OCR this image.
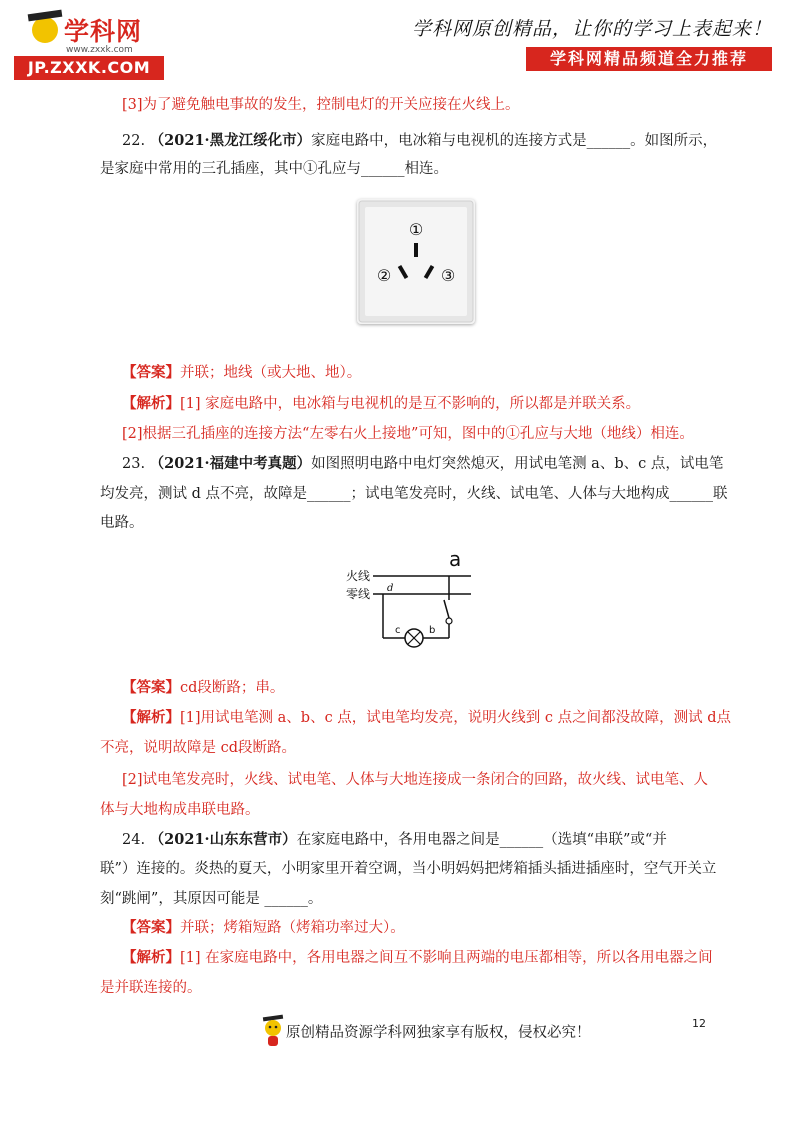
学科网
www.zxxk.com
JP.ZXXK.COM
学科网原创精品，让你的学习上表起来！
学科网精品频道全力推荐
[3]为了避免触电事故的发生，控制电灯的开关应接在火线上。
22. （2021·黑龙江绥化市）家庭电路中，电冰箱与电视机的连接方式是______。如图所示，
是家庭中常用的三孔插座，其中①孔应与______相连。
①
②	③
【答案】并联；地线（或大地、地）。
【解析】[1] 家庭电路中，电冰箱与电视机的是互不影响的，所以都是并联关系。
[2]根据三孔插座的连接方法“左零右火上接地”可知，图中的①孔应与大地（地线）相连。
23. （2021·福建中考真题）如图照明电路中电灯突然熄灭，用试电笔测 a、b、c 点，试电笔
均发亮，测试 d 点不亮，故障是______；试电笔发亮时，火线、试电笔、人体与大地构成______联
电路。
火线
零线
a
d
c	b
【答案】cd段断路；串。
【解析】[1]用试电笔测 a、b、c 点，试电笔均发亮，说明火线到 c 点之间都没故障，测试 d点
不亮，说明故障是 cd段断路。
[2]试电笔发亮时，火线、试电笔、人体与大地连接成一条闭合的回路，故火线、试电笔、人
体与大地构成串联电路。
24. （2021·山东东营市）在家庭电路中，各用电器之间是______（选填“串联”或“并
联”）连接的。炎热的夏天，小明家里开着空调，当小明妈妈把烤箱插头插进插座时，空气开关立
刻“跳闸”，其原因可能是 ______。
【答案】并联；烤箱短路（烤箱功率过大）。
【解析】[1] 在家庭电路中，各用电器之间互不影响且两端的电压都相等，所以各用电器之间
是并联连接的。
12
原创精品资源学科网独家享有版权，侵权必究！
